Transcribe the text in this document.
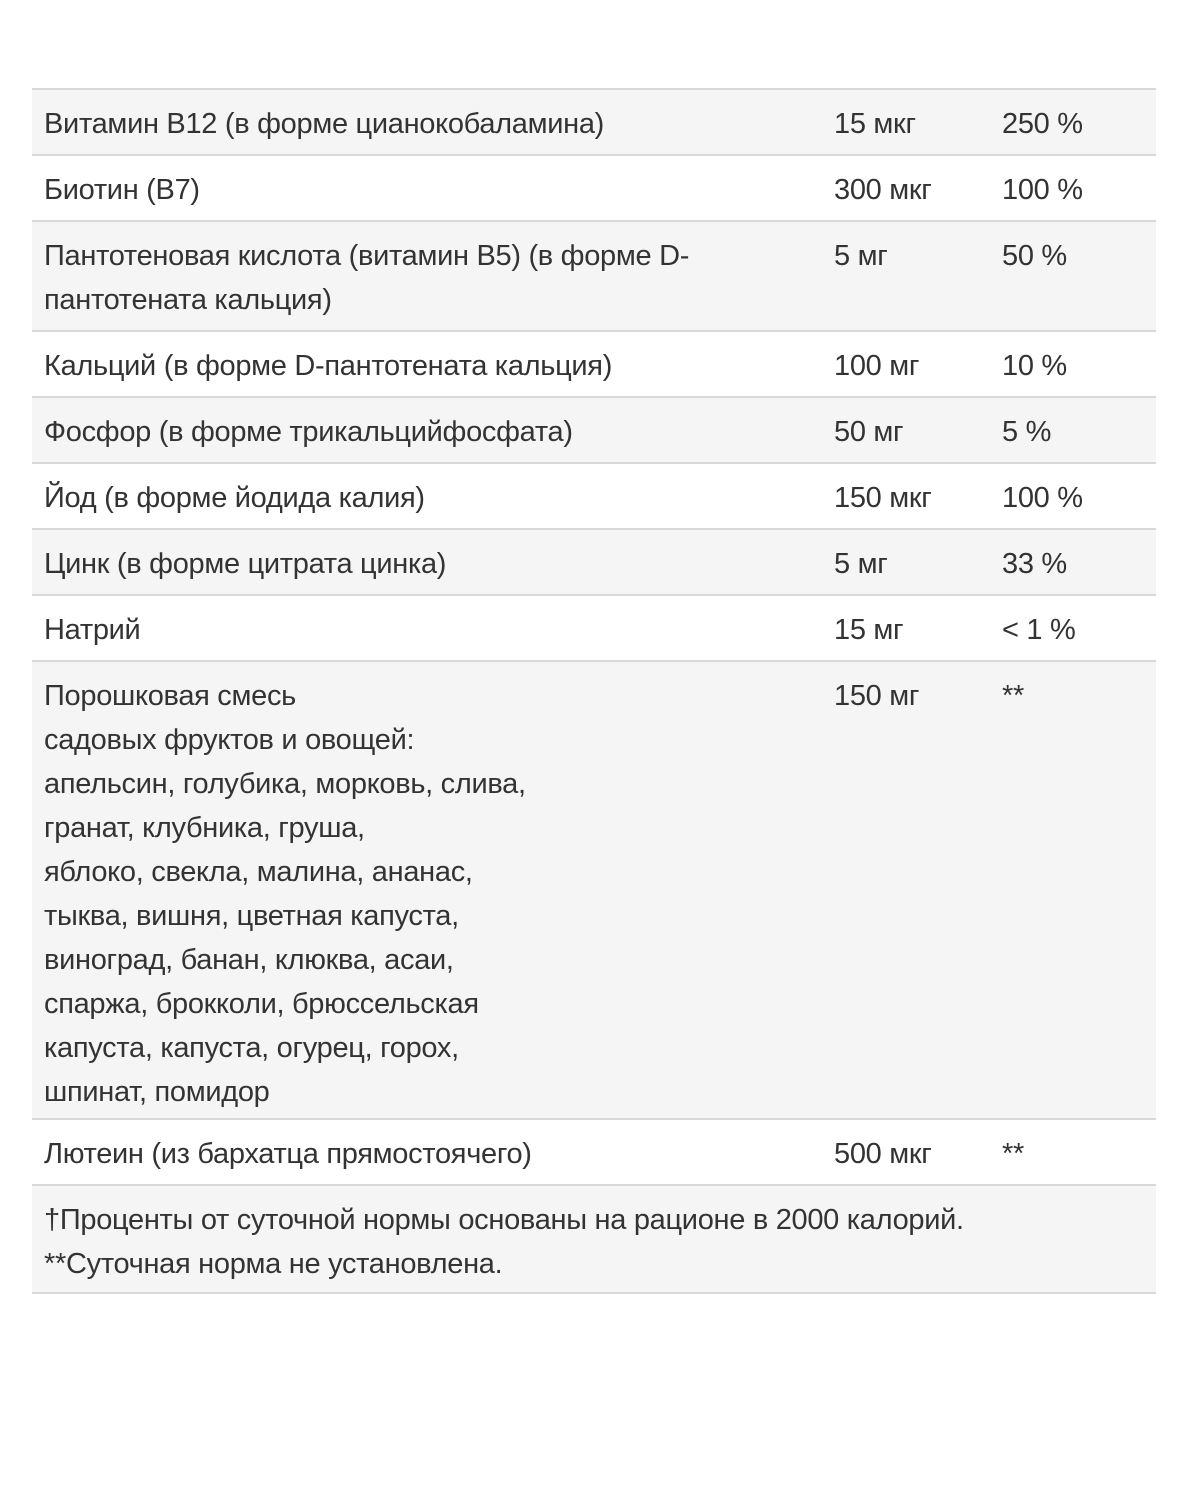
Витамин B12 (в форме цианокобаламина)	15 мкг	250 %
Биотин (B7)	300 мкг	100 %
Пантотеновая кислота (витамин B5) (в форме D-
пантотената кальция)
5 мг	50 %
Кальций (в форме D-пантотената кальция)	100 мг	10 %
Фосфор (в форме трикальцийфосфата)	50 мг	5 %
Йод (в форме йодида калия)	150 мкг	100 %
Цинк (в форме цитрата цинка)	5 мг	33 %
Натрий	15 мг	< 1 %
Порошковая смесь
садовых фруктов и овощей:
апельсин, голубика, морковь, слива,
гранат, клубника, груша,
яблоко, свекла, малина, ананас,
тыква, вишня, цветная капуста,
виноград, банан, клюква, асаи,
спаржа, брокколи, брюссельская
капуста, капуста, огурец, горох,
шпинат, помидор
150 мг	**
Лютеин (из бархатца прямостоячего)	500 мкг	**
†Проценты от суточной нормы основаны на рационе в 2000 калорий.
**Суточная норма не установлена.
